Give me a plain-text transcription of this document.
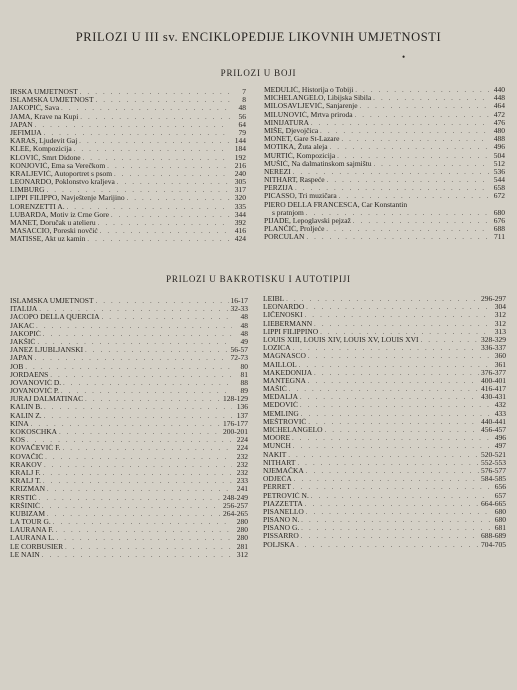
PRILOZI U III sv. ENCIKLOPEDIJE LIKOVNIH UMJETNOSTI
•
PRILOZI U BOJI
IRSKA UMJETNOST . . .	7
ISLAMSKA UMJETNOST . . .	8
JAKOPIĆ, Sava . . .	48
JAMA, Krave na Kupi . . .	56
JAPAN . . .	64
JEFIMIJA . . .	79
KARAS, Ljudevit Gaj . . .	144
KLEE, Kompozicija . . .	184
KLOVIĆ, Smrt Didone . . .	192
KONJOVIĆ, Ema sa Verečkom . . .	216
KRALJEVIĆ, Autoportret s psom . . .	240
LEONARDO, Poklonstvo kraljeva . . .	305
LIMBURG . . .	317
LIPPI FILIPPO, Navještenje Marijino . . .	320
LORENZETTI A. . . .	335
LUBARDA, Motiv iz Crne Gore . . .	344
MANET, Doručak u atelieru . . .	392
MASACCIO, Poreski novčić . . .	416
MATISSE, Akt uz kamin . . .	424
MEDULIĆ, Historija o Tobiji . . .	440
MICHELANGELO, Libijska Sibila . . .	448
MILOSAVLJEVIĆ, Sanjarenje . . .	464
MILUNOVIĆ, Mrtva priroda . . .	472
MINIJATURA . . .	476
MIŠE, Djevojčica . . .	480
MONET, Gare St-Lazare . . .	488
MOTIKA, Žuta aleja . . .	496
MURTIĆ, Kompozicija . . .	504
MUŠIĆ, Na dalmatinskom sajmištu . . .	512
NEREZI . . .	536
NITHART, Raspeće . . .	544
PERZIJA . . .	658
PICASSO, Tri muzičara . . .	672
PIERO DELLA FRANCESCA, Car Konstantin
s pratnjom . . .	680
PIJADE, Lepoglavski pejzaž . . .	676
PLANČIĆ, Proljeće . . .	688
PORCULAN . . .	711
PRILOZI U BAKROTISKU I AUTOTIPIJI
ISLAMSKA UMJETNOST . . .	16-17
ITALIJA . . .	32-33
JACOPO DELLA QUERCIA . . .	48
JAKAC . . .	48
JAKOPIĆ . . .	48
JAKŠIĆ . . .	49
JANEZ LJUBLJANSKI . . .	56-57
JAPAN . . .	72-73
JOB . . .	80
JORDAENS . . .	81
JOVANOVIĆ D. . . .	88
JOVANOVIĆ P. . . .	89
JURAJ DALMATINAC . . .	128-129
KALIN B. . . .	136
KALIN Z. . . .	137
KINA . . .	176-177
KOKOSCHKA . . .	200-201
KOS . . .	224
KOVAČEVIĆ F. . . .	224
KOVAČIĆ . . .	232
KRAKOV . . .	232
KRALJ F. . . .	232
KRALJ T. . . .	233
KRIZMAN . . .	241
KRSTIĆ . . .	248-249
KRŠINIĆ . . .	256-257
KUBIZAM . . .	264-265
LA TOUR G. . . .	280
LAURANA F. . . .	280
LAURANA L. . . .	280
LE CORBUSIER . . .	281
LE NAIN . . .	312
LEIBL . . .	296-297
LEONARDO . . .	304
LIČENOSKI . . .	312
LIEBERMANN . . .	312
LIPPI FILIPPINO . . .	313
LOUIS XIII, LOUIS XIV, LOUIS XV, LOUIS XVI . . .	328-329
LOZICA . . .	336-337
MAGNASCO . . .	360
MAILLOL . . .	361
MAKEDONIJA . . .	376-377
MANTEGNA . . .	400-401
MAŠIĆ . . .	416-417
MEDALJA . . .	430-431
MEDOVIĆ . . .	432
MEMLING . . .	433
MEŠTROVIĆ . . .	440-441
MICHELANGELO . . .	456-457
MOORE . . .	496
MUNCH . . .	497
NAKIT . . .	520-521
NITHART . . .	552-553
NJEMAČKA . . .	576-577
ODJEĆA . . .	584-585
PERRET . . .	656
PETROVIĆ N. . . .	657
PIAZZETTA . . .	664-665
PISANELLO . . .	680
PISANO N. . . .	680
PISANO G. . . .	681
PISSARRO . . .	688-689
POLJSKA . . .	704-705
